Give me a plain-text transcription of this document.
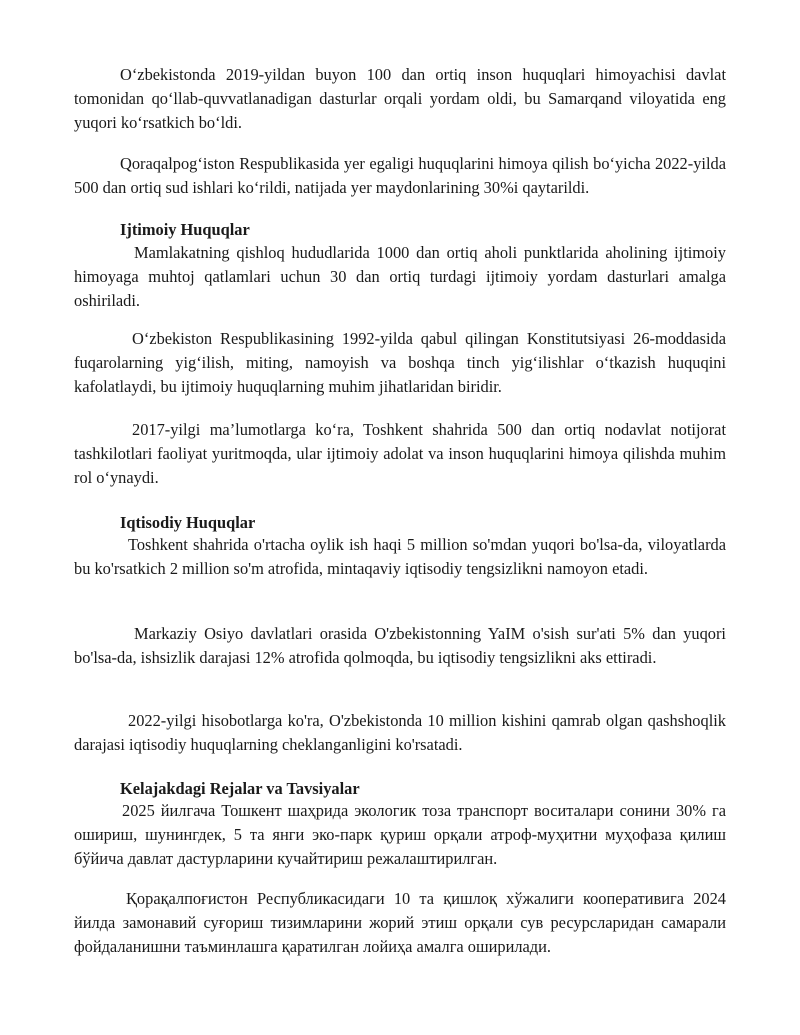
O‘zbekistonda 2019-yildan buyon 100 dan ortiq inson huquqlari himoyachisi davlat tomonidan qo‘llab-quvvatlanadigan dasturlar orqali yordam oldi, bu Samarqand viloyatida eng yuqori ko‘rsatkich bo‘ldi.

Qoraqalpog‘iston Respublikasida yer egaligi huquqlarini himoya qilish bo‘yicha 2022-yilda 500 dan ortiq sud ishlari ko‘rildi, natijada yer maydonlarining 30%i qaytarildi.

Ijtimoiy Huquqlar

Mamlakatning qishloq hududlarida 1000 dan ortiq aholi punktlarida aholining ijtimoiy himoyaga muhtoj qatlamlari uchun 30 dan ortiq turdagi ijtimoiy yordam dasturlari amalga oshiriladi.

O‘zbekiston Respublikasining 1992-yilda qabul qilingan Konstitutsiyasi 26-moddasida fuqarolarning yig‘ilish, miting, namoyish va boshqa tinch yig‘ilishlar o‘tkazish huquqini kafolatlaydi, bu ijtimoiy huquqlarning muhim jihatlaridan biridir.

2017-yilgi ma’lumotlarga ko‘ra, Toshkent shahrida 500 dan ortiq nodavlat notijorat tashkilotlari faoliyat yuritmoqda, ular ijtimoiy adolat va inson huquqlarini himoya qilishda muhim rol o‘ynaydi.

Iqtisodiy Huquqlar

Toshkent shahrida o'rtacha oylik ish haqi 5 million so'mdan yuqori bo'lsa-da, viloyatlarda bu ko'rsatkich 2 million so'm atrofida, mintaqaviy iqtisodiy tengsizlikni namoyon etadi.

Markaziy Osiyo davlatlari orasida O'zbekistonning YaIM o'sish sur'ati 5% dan yuqori bo'lsa-da, ishsizlik darajasi 12% atrofida qolmoqda, bu iqtisodiy tengsizlikni aks ettiradi.

2022-yilgi hisobotlarga ko'ra, O'zbekistonda 10 million kishini qamrab olgan qashshoqlik darajasi iqtisodiy huquqlarning cheklanganligini ko'rsatadi.

Kelajakdagi Rejalar va Tavsiyalar

2025 йилгача Тошкент шаҳрида экологик тоза транспорт воситалари сонини 30% га ошириш, шунингдек, 5 та янги эко-парк қуриш орқали атроф-муҳитни муҳофаза қилиш бўйича давлат дастурларини кучайтириш режалаштирилган.

Қорақалпоғистон Республикасидаги 10 та қишлоқ хўжалиги кооперативига 2024 йилда замонавий суғориш тизимларини жорий этиш орқали сув ресурсларидан самарали фойдаланишни таъминлашга қаратилган лойиҳа амалга оширилади.
